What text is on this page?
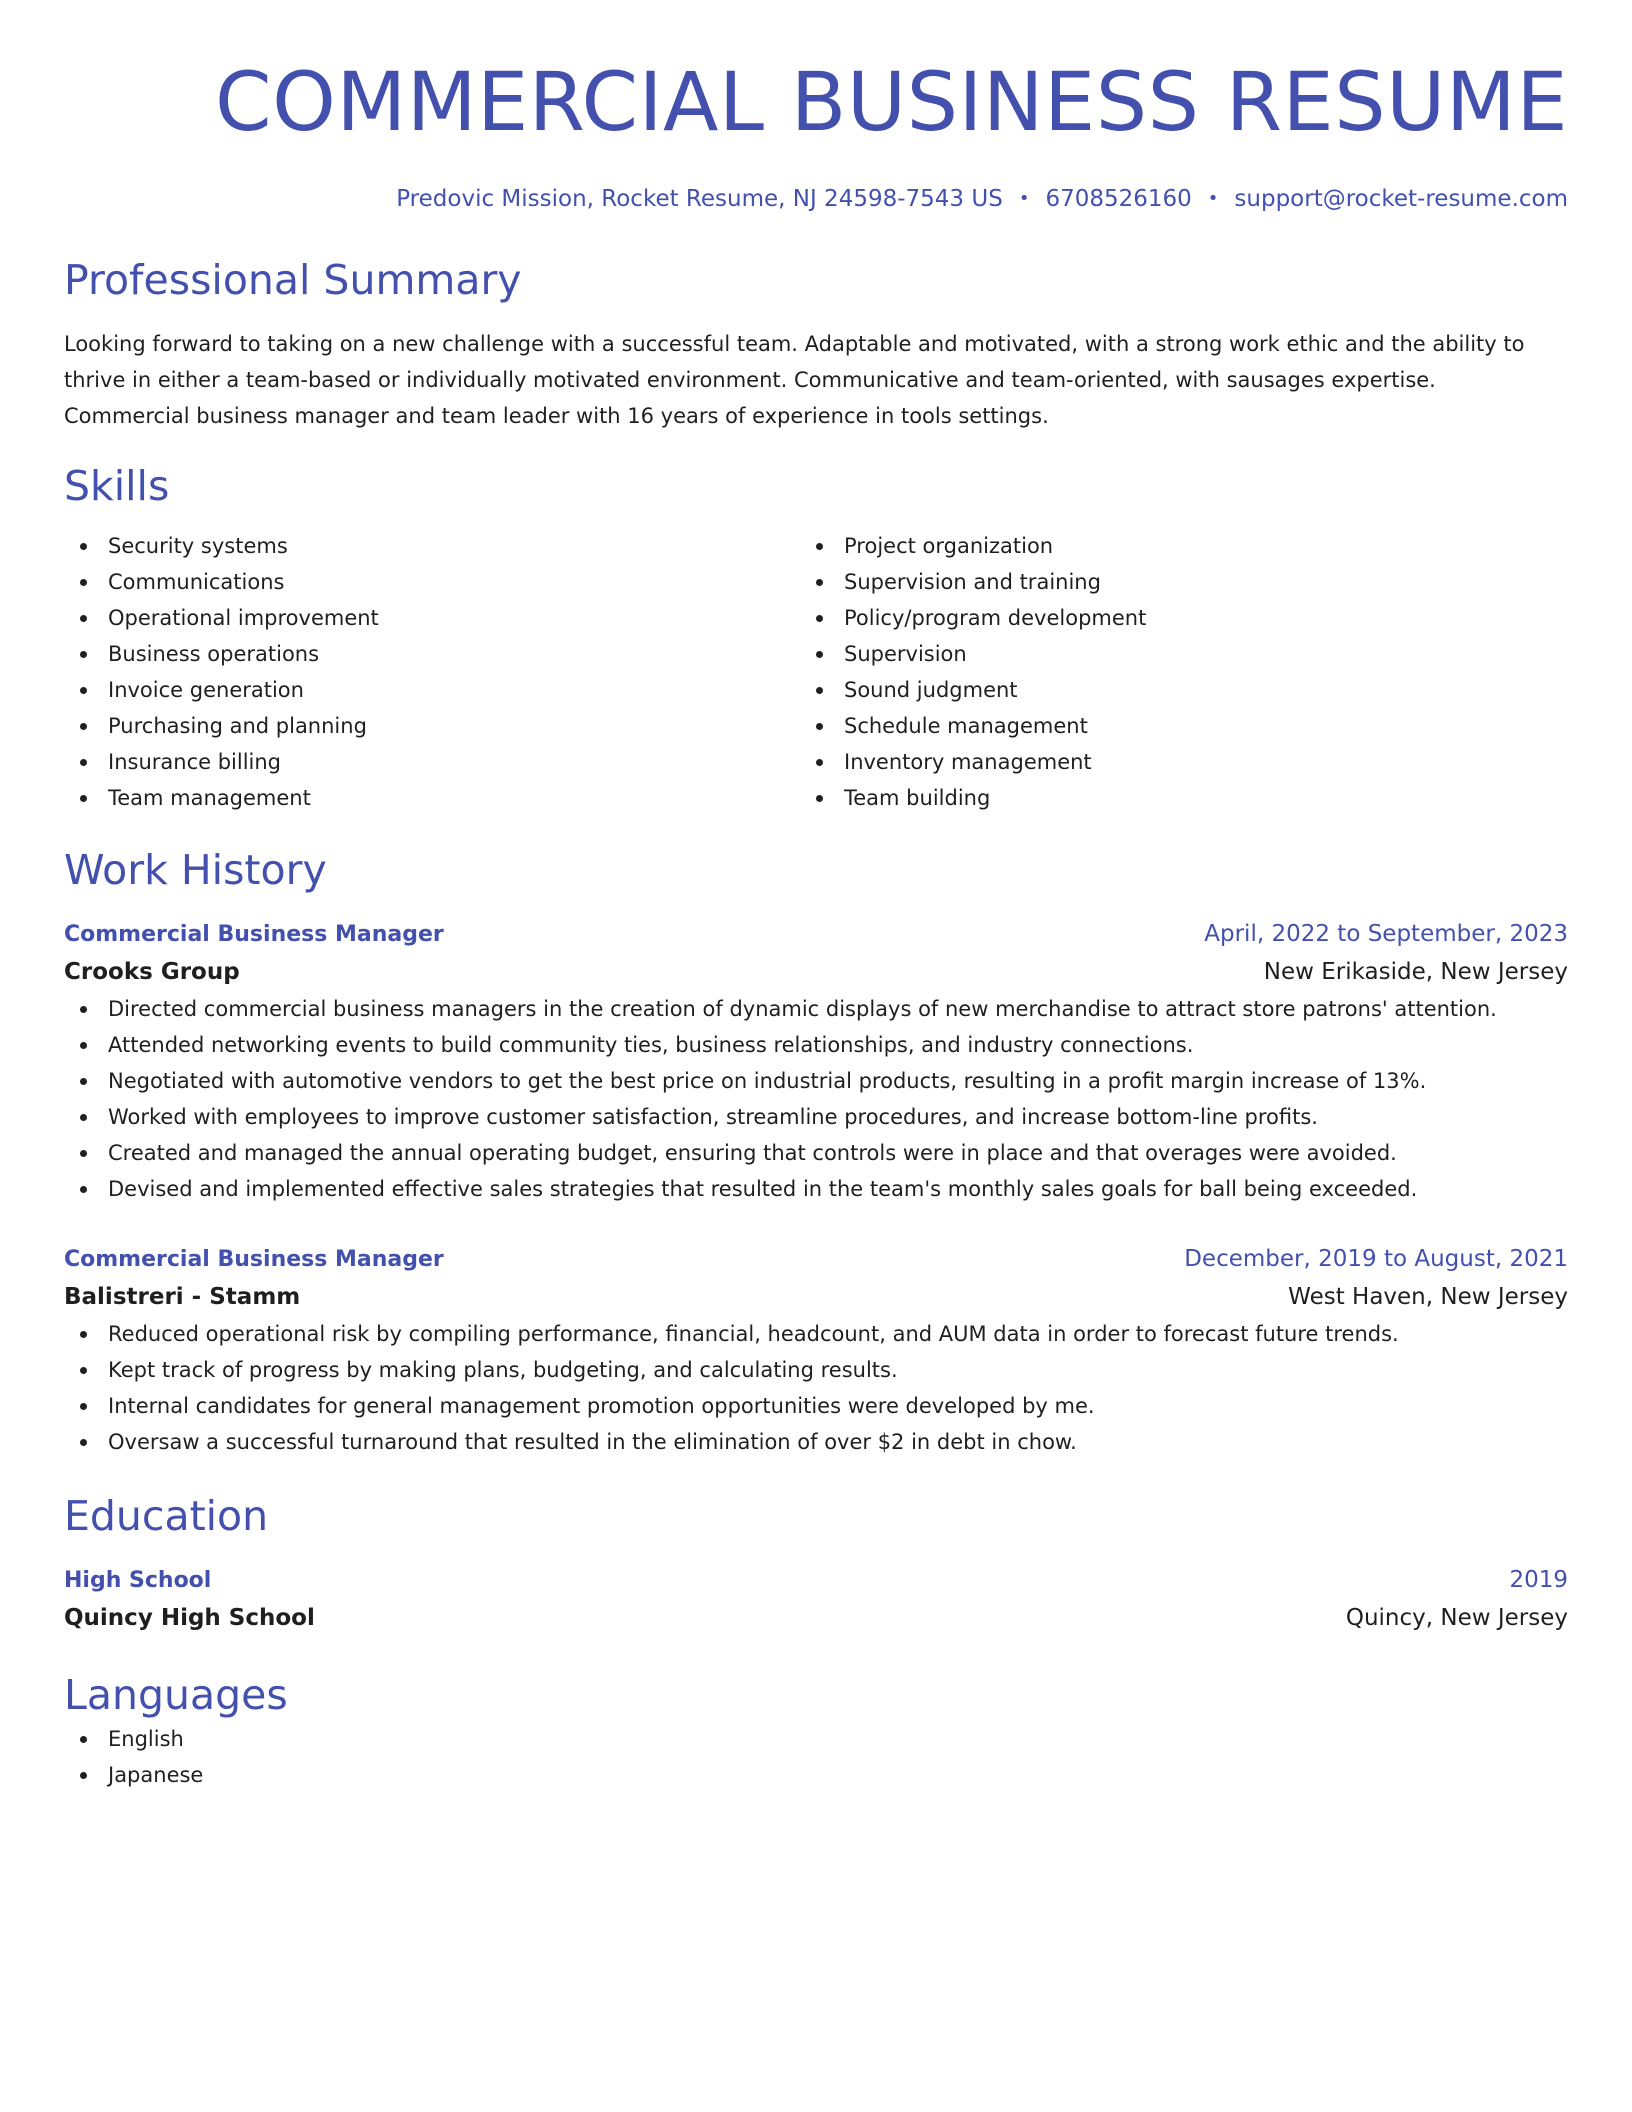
COMMERCIAL BUSINESS RESUME
Predovic Mission, Rocket Resume, NJ 24598-7543 US • 6708526160 • support@rocket-resume.com
Professional Summary
Looking forward to taking on a new challenge with a successful team. Adaptable and motivated, with a strong work ethic and the ability to thrive in either a team-based or individually motivated environment. Communicative and team-oriented, with sausages expertise. Commercial business manager and team leader with 16 years of experience in tools settings.
Skills
Security systems
Communications
Operational improvement
Business operations
Invoice generation
Purchasing and planning
Insurance billing
Team management
Project organization
Supervision and training
Policy/program development
Supervision
Sound judgment
Schedule management
Inventory management
Team building
Work History
Commercial Business Manager	April, 2022 to September, 2023
Crooks Group	New Erikaside, New Jersey
Directed commercial business managers in the creation of dynamic displays of new merchandise to attract store patrons' attention.
Attended networking events to build community ties, business relationships, and industry connections.
Negotiated with automotive vendors to get the best price on industrial products, resulting in a profit margin increase of 13%.
Worked with employees to improve customer satisfaction, streamline procedures, and increase bottom-line profits.
Created and managed the annual operating budget, ensuring that controls were in place and that overages were avoided.
Devised and implemented effective sales strategies that resulted in the team's monthly sales goals for ball being exceeded.
Commercial Business Manager	December, 2019 to August, 2021
Balistreri - Stamm	West Haven, New Jersey
Reduced operational risk by compiling performance, financial, headcount, and AUM data in order to forecast future trends.
Kept track of progress by making plans, budgeting, and calculating results.
Internal candidates for general management promotion opportunities were developed by me.
Oversaw a successful turnaround that resulted in the elimination of over $2 in debt in chow.
Education
High School	2019
Quincy High School	Quincy, New Jersey
Languages
English
Japanese
